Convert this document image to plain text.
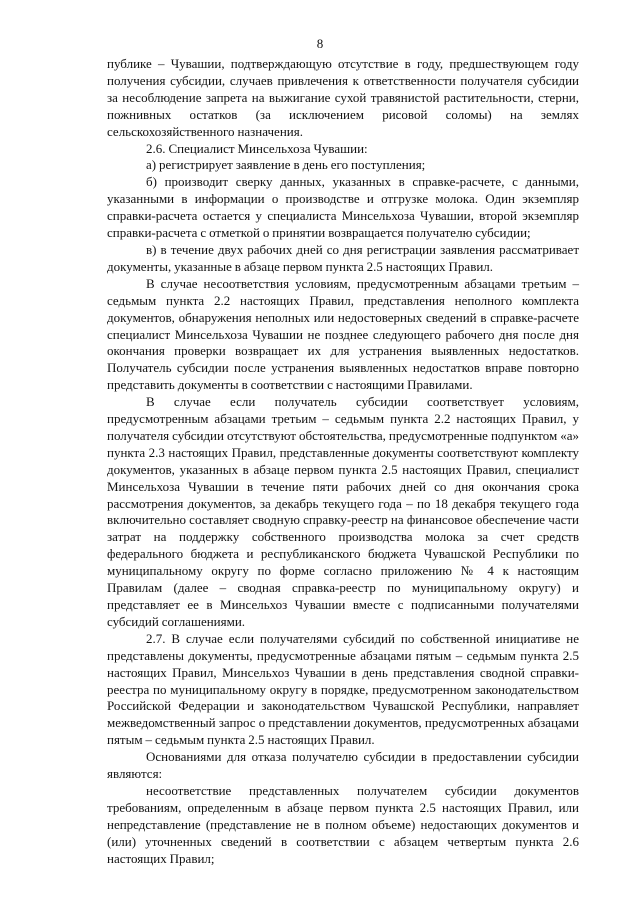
8

публике – Чувашии, подтверждающую отсутствие в году, предшествующем году получения субсидии, случаев привлечения к ответственности получателя субсидии за несоблюдение запрета на выжигание сухой травянистой растительности, стерни, пожнивных остатков (за исключением рисовой соломы) на землях сельскохозяйственного назначения.

2.6. Специалист Минсельхоза Чувашии:

а) регистрирует заявление в день его поступления;

б) производит сверку данных, указанных в справке-расчете, с данными, указанными в информации о производстве и отгрузке молока. Один экземпляр справки-расчета остается у специалиста Минсельхоза Чувашии, второй экземпляр справки-расчета с отметкой о принятии возвращается получателю субсидии;

в) в течение двух рабочих дней со дня регистрации заявления рассматривает документы, указанные в абзаце первом пункта 2.5 настоящих Правил.

В случае несоответствия условиям, предусмотренным абзацами третьим – седьмым пункта 2.2 настоящих Правил, представления неполного комплекта документов, обнаружения неполных или недостоверных сведений в справке-расчете специалист Минсельхоза Чувашии не позднее следующего рабочего дня после дня окончания проверки возвращает их для устранения выявленных недостатков. Получатель субсидии после устранения выявленных недостатков вправе повторно представить документы в соответствии с настоящими Правилами.

В случае если получатель субсидии соответствует условиям, предусмотренным абзацами третьим – седьмым пункта 2.2 настоящих Правил, у получателя субсидии отсутствуют обстоятельства, предусмотренные подпунктом «а» пункта 2.3 настоящих Правил, представленные документы соответствуют комплекту документов, указанных в абзаце первом пункта 2.5 настоящих Правил, специалист Минсельхоза Чувашии в течение пяти рабочих дней со дня окончания срока рассмотрения документов, за декабрь текущего года – по 18 декабря текущего года включительно составляет сводную справку-реестр на финансовое обеспечение части затрат на поддержку собственного производства молока за счет средств федерального бюджета и республиканского бюджета Чувашской Республики по муниципальному округу по форме согласно приложению № 4 к настоящим Правилам (далее – сводная справка-реестр по муниципальному округу) и представляет ее в Минсельхоз Чувашии вместе с подписанными получателями субсидий соглашениями.

2.7. В случае если получателями субсидий по собственной инициативе не представлены документы, предусмотренные абзацами пятым – седьмым пункта 2.5 настоящих Правил, Минсельхоз Чувашии в день представления сводной справки-реестра по муниципальному округу в порядке, предусмотренном законодательством Российской Федерации и законодательством Чувашской Республики, направляет межведомственный запрос о представлении документов, предусмотренных абзацами пятым – седьмым пункта 2.5 настоящих Правил.

Основаниями для отказа получателю субсидии в предоставлении субсидии являются:

несоответствие представленных получателем субсидии документов требованиям, определенным в абзаце первом пункта 2.5 настоящих Правил, или непредставление (представление не в полном объеме) недостающих документов и (или) уточненных сведений в соответствии с абзацем четвертым пункта 2.6 настоящих Правил;
